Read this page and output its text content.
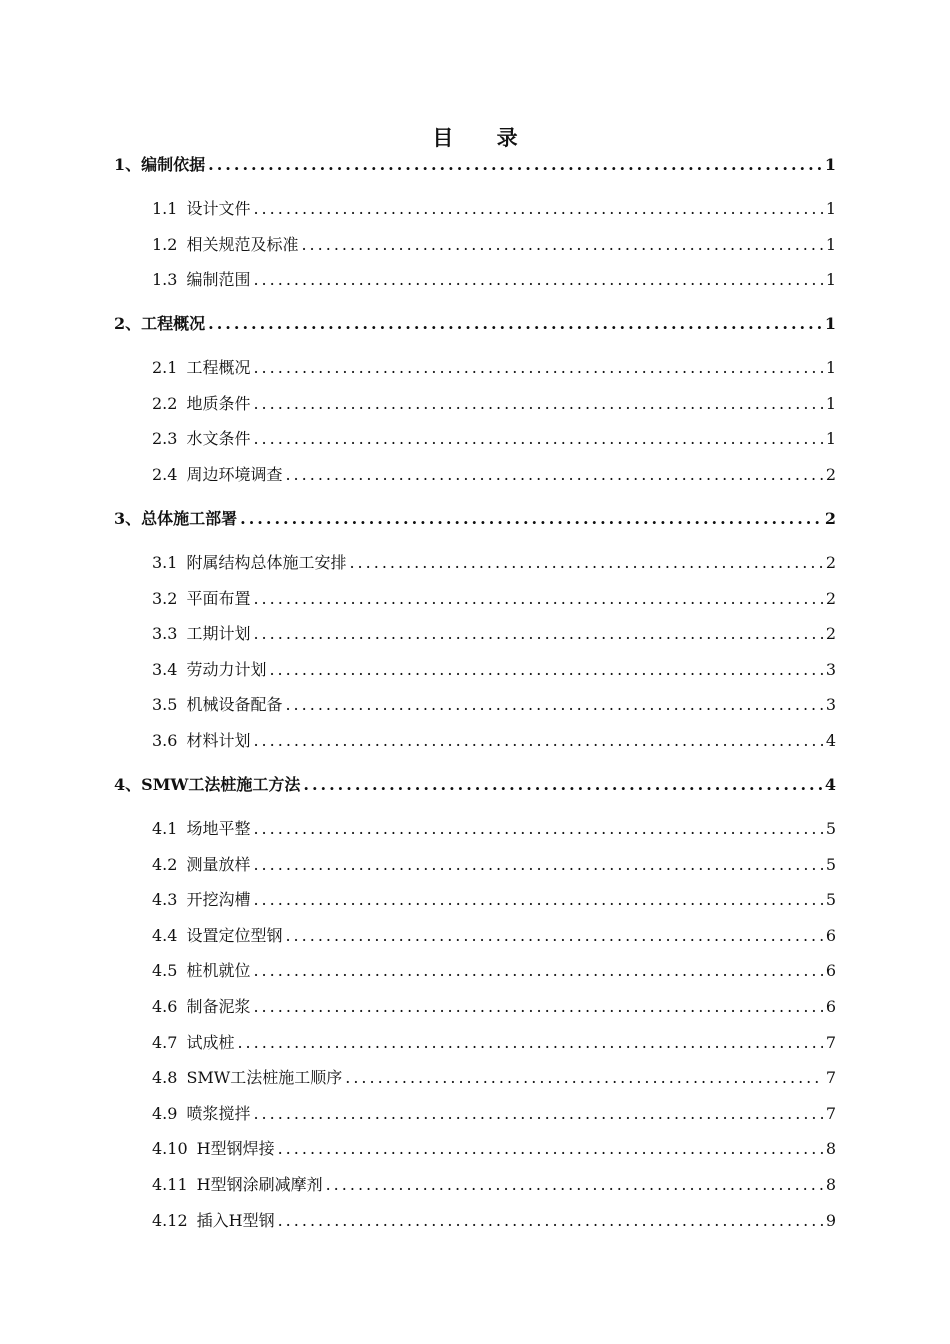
目 录
1、 编制依据 .....	1
1.1 设计文件 .....	1
1.2 相关规范及标准 .....	1
1.3 编制范围 .....	1
2、 工程概况 .....	1
2.1 工程概况 .....	1
2.2 地质条件 .....	1
2.3 水文条件 .....	1
2.4 周边环境调查 .....	2
3、 总体施工部署 .....	2
3.1 附属结构总体施工安排 .....	2
3.2 平面布置 .....	2
3.3 工期计划 .....	2
3.4 劳动力计划 .....	3
3.5 机械设备配备 .....	3
3.6 材料计划 .....	4
4、 SMW工法桩施工方法 .....	4
4.1 场地平整 .....	5
4.2 测量放样 .....	5
4.3 开挖沟槽 .....	5
4.4 设置定位型钢 .....	6
4.5 桩机就位 .....	6
4.6 制备泥浆 .....	6
4.7 试成桩 .....	7
4.8 SMW工法桩施工顺序 .....	7
4.9 喷浆搅拌 .....	7
4.10 H型钢焊接 .....	8
4.11 H型钢涂刷减摩剂 .....	8
4.12 插入H型钢 .....	9
